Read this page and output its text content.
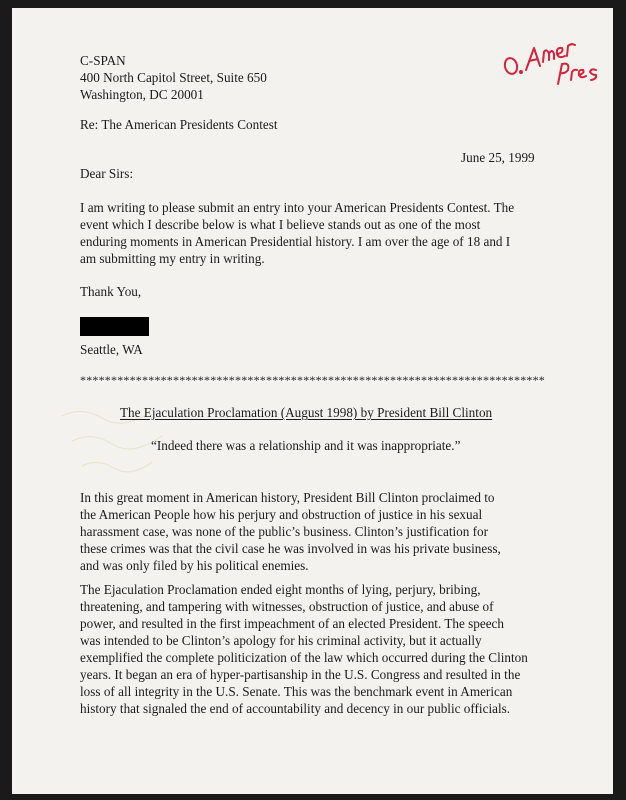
C-SPAN
400 North Capitol Street, Suite 650
Washington, DC 20001
Re: The American Presidents Contest
June 25, 1999
Dear Sirs:
I am writing to please submit an entry into your American Presidents Contest. The
event which I describe below is what I believe stands out as one of the most
enduring moments in American Presidential history. I am over the age of 18 and I
am submitting my entry in writing.
Thank You,
Seattle, WA
***************************************************************************
The Ejaculation Proclamation (August 1998) by President Bill Clinton
“Indeed there was a relationship and it was inappropriate.”
In this great moment in American history, President Bill Clinton proclaimed to
the American People how his perjury and obstruction of justice in his sexual
harassment case, was none of the public’s business. Clinton’s justification for
these crimes was that the civil case he was involved in was his private business,
and was only filed by his political enemies.
The Ejaculation Proclamation ended eight months of lying, perjury, bribing,
threatening, and tampering with witnesses, obstruction of justice, and abuse of
power, and resulted in the first impeachment of an elected President. The speech
was intended to be Clinton’s apology for his criminal activity, but it actually
exemplified the complete politicization of the law which occurred during the Clinton
years. It began an era of hyper-partisanship in the U.S. Congress and resulted in the
loss of all integrity in the U.S. Senate. This was the benchmark event in American
history that signaled the end of accountability and decency in our public officials.
